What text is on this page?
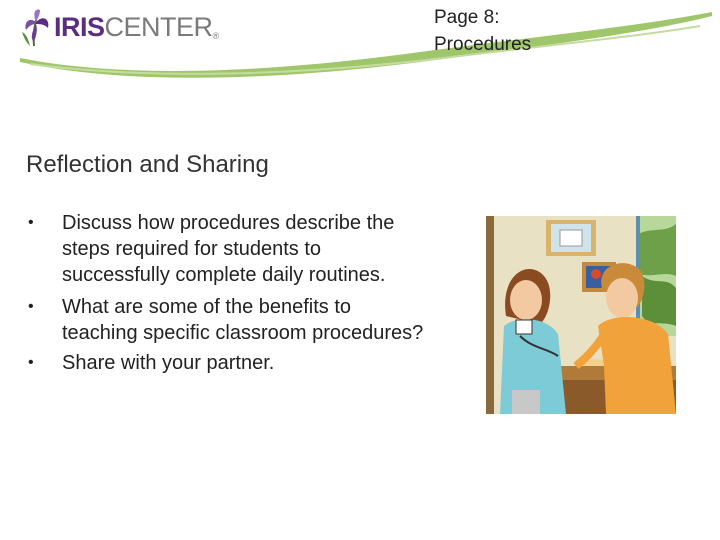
IRISCENTER®
Page 8:
Procedures
Reflection and Sharing
• Discuss how procedures describe the steps required for students to successfully complete daily routines.
• What are some of the benefits to teaching specific classroom procedures?
• Share with your partner.
